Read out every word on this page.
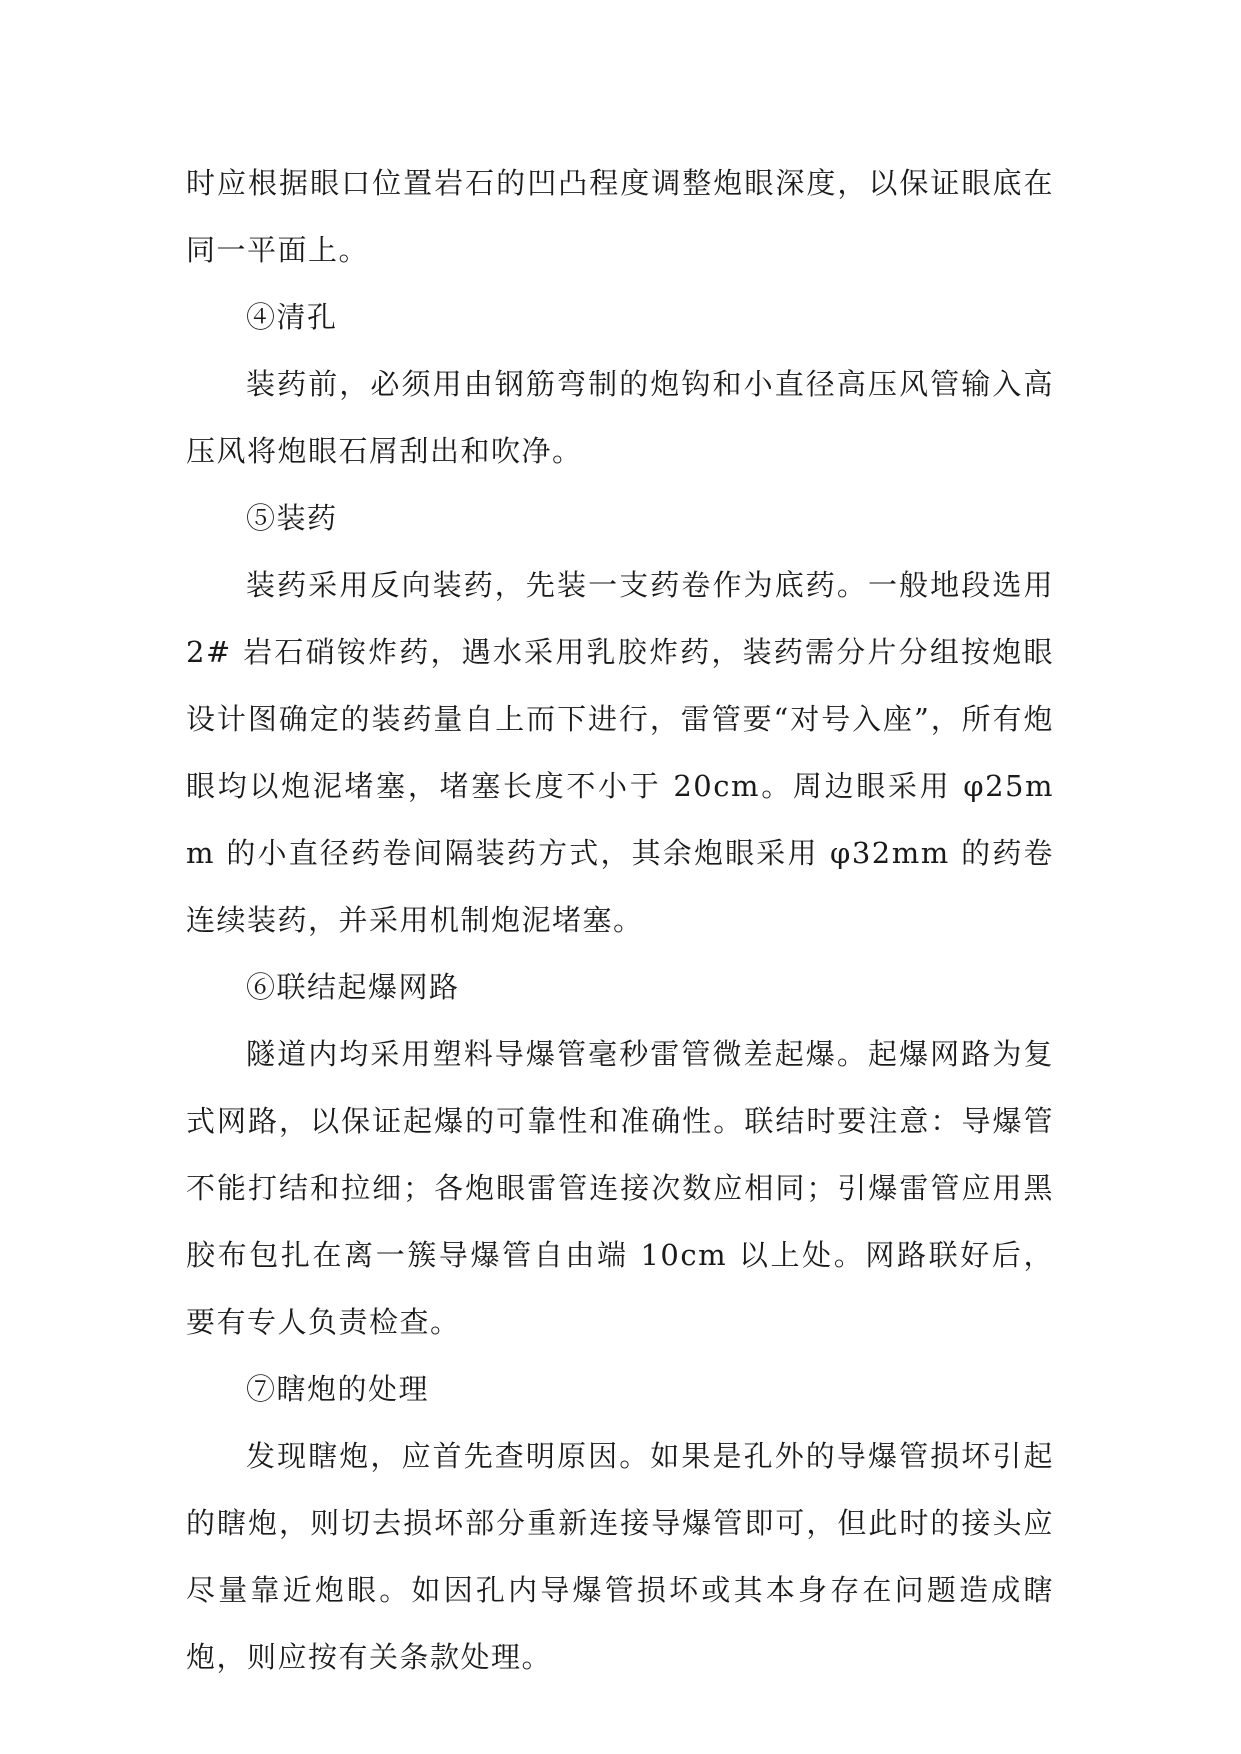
时应根据眼口位置岩石的凹凸程度调整炮眼深度，以保证眼底在同一平面上。

④清孔

装药前，必须用由钢筋弯制的炮钩和小直径高压风管输入高压风将炮眼石屑刮出和吹净。

⑤装药

装药采用反向装药，先装一支药卷作为底药。一般地段选用 2# 岩石硝铵炸药，遇水采用乳胶炸药，装药需分片分组按炮眼设计图确定的装药量自上而下进行，雷管要“对号入座”，所有炮眼均以炮泥堵塞，堵塞长度不小于 20cm。周边眼采用 φ25mm 的小直径药卷间隔装药方式，其余炮眼采用 φ32mm 的药卷连续装药，并采用机制炮泥堵塞。

⑥联结起爆网路

隧道内均采用塑料导爆管毫秒雷管微差起爆。起爆网路为复式网路，以保证起爆的可靠性和准确性。联结时要注意：导爆管不能打结和拉细；各炮眼雷管连接次数应相同；引爆雷管应用黑胶布包扎在离一簇导爆管自由端 10cm 以上处。网路联好后，要有专人负责检查。

⑦瞎炮的处理

发现瞎炮，应首先查明原因。如果是孔外的导爆管损坏引起的瞎炮，则切去损坏部分重新连接导爆管即可，但此时的接头应尽量靠近炮眼。如因孔内导爆管损坏或其本身存在问题造成瞎炮，则应按有关条款处理。
